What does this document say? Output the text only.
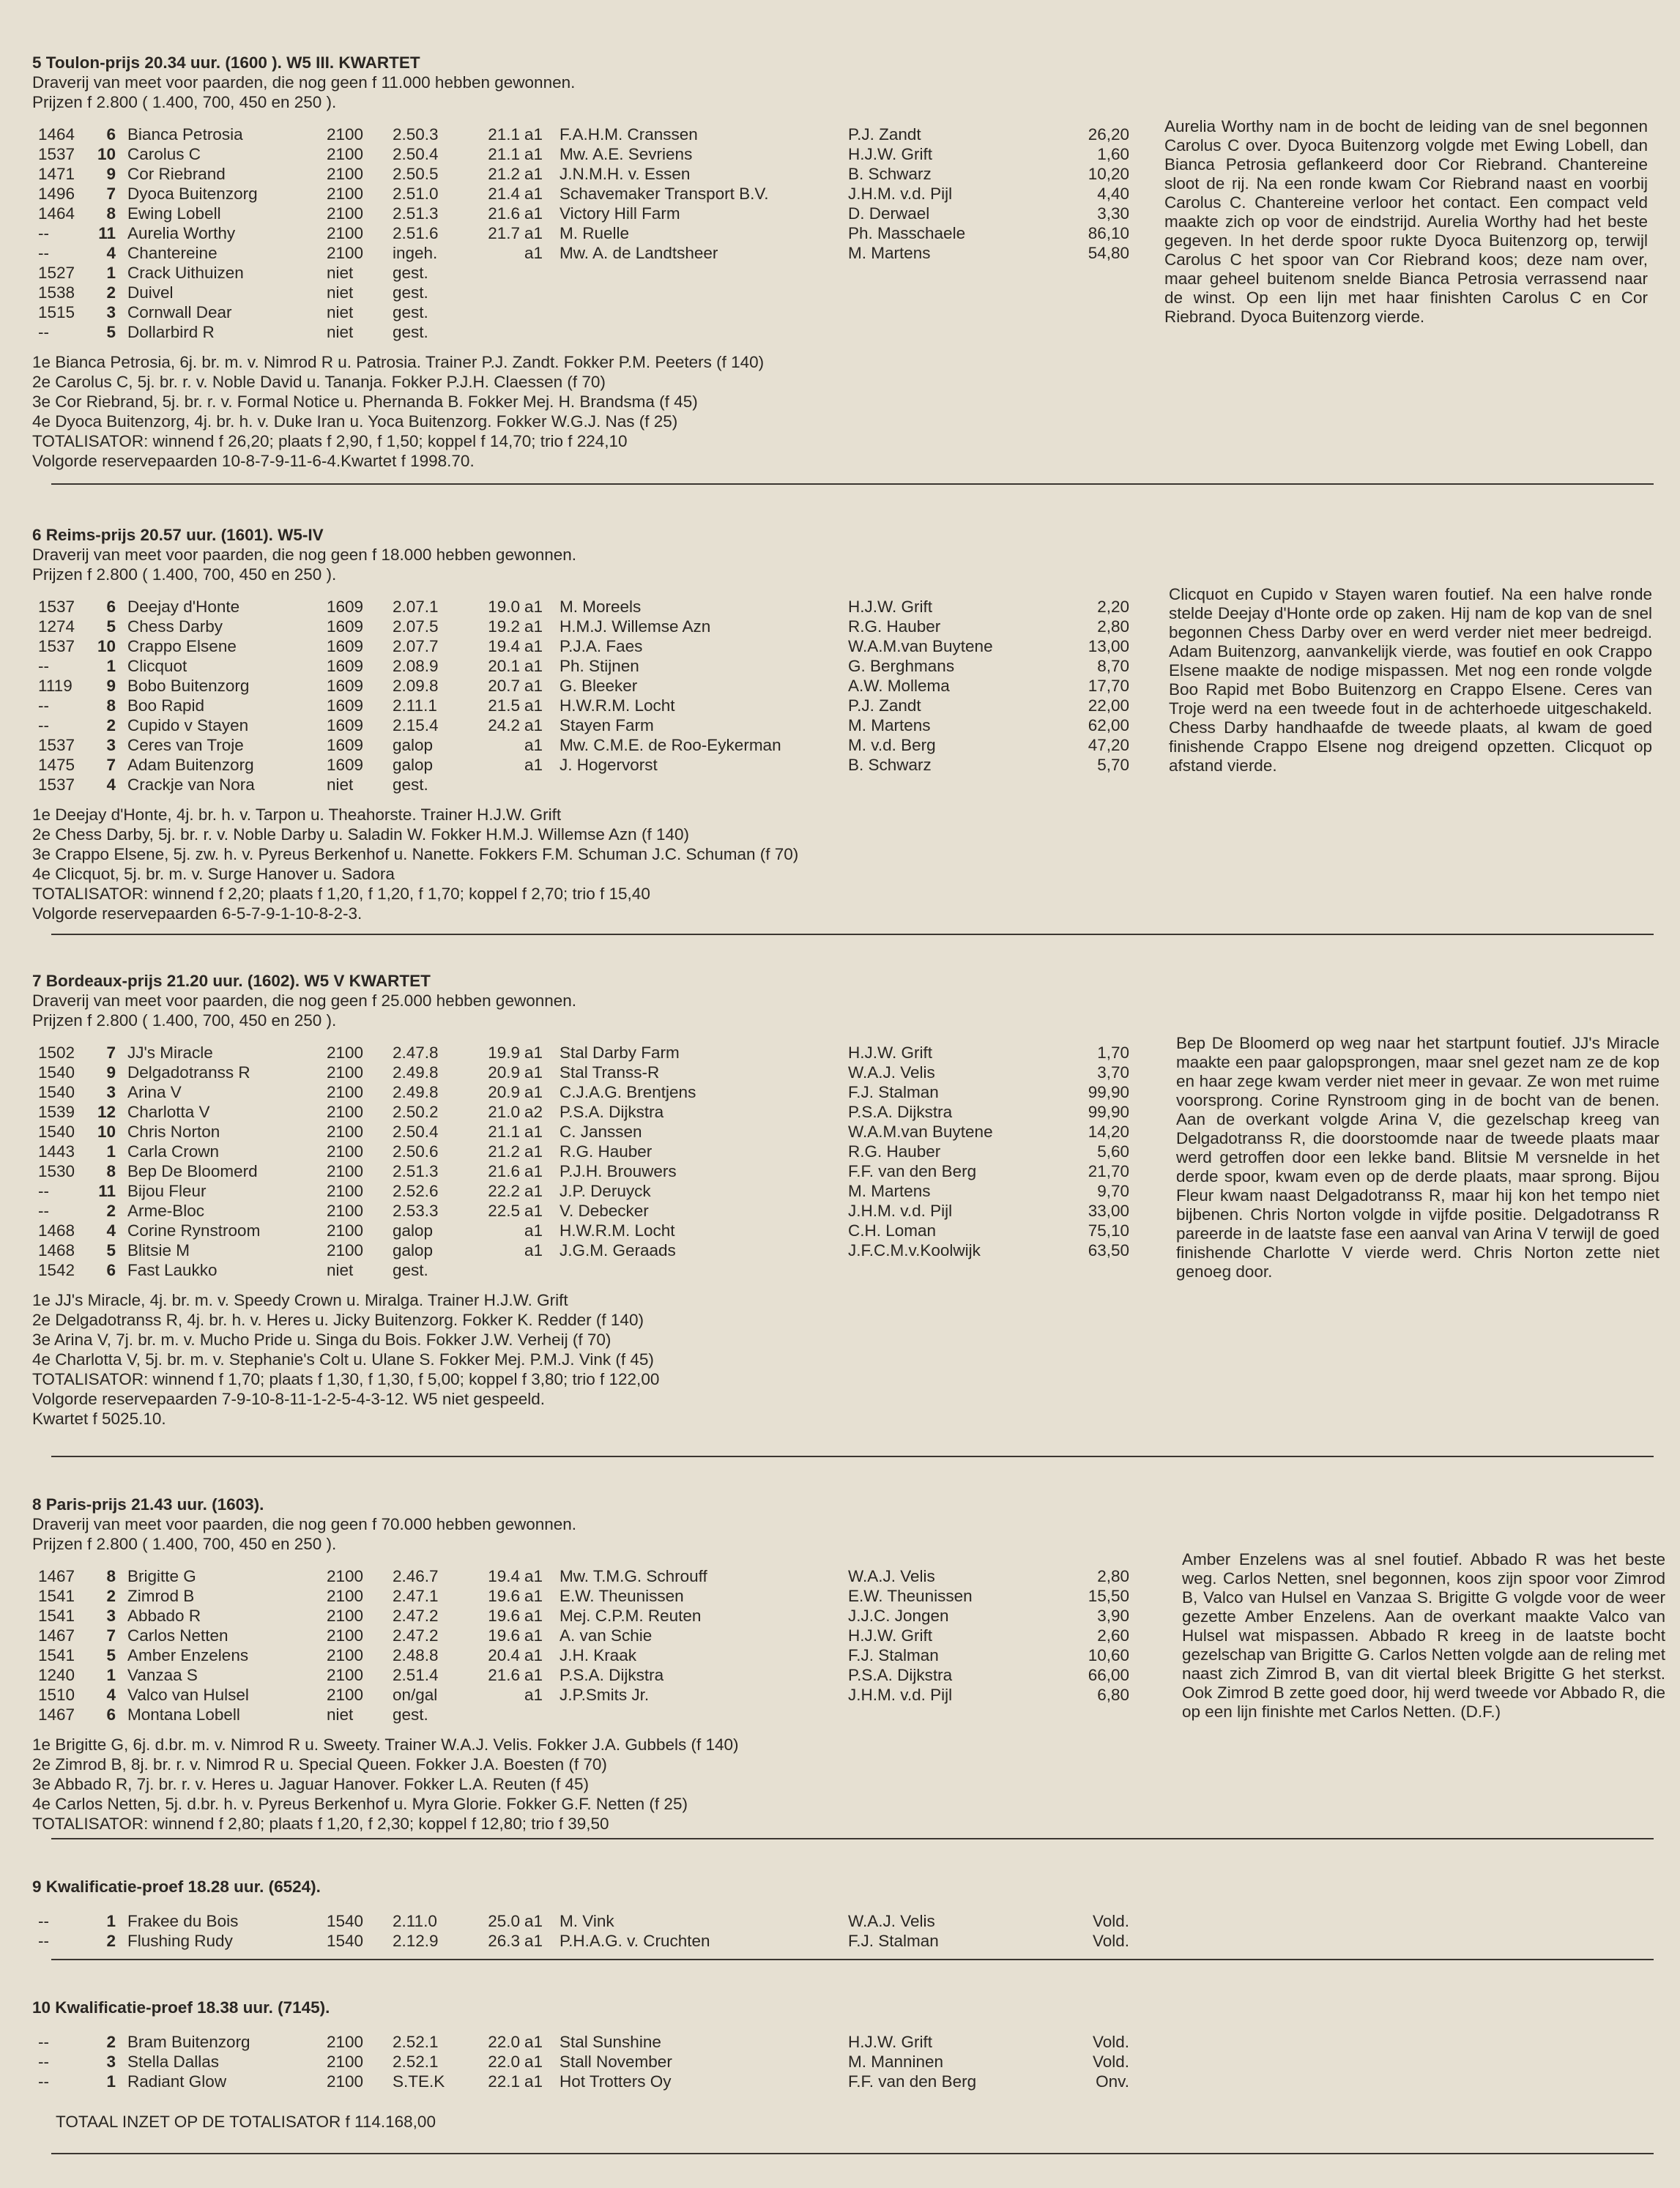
5 Toulon-prijs 20.34 uur. (1600 ). W5 III. KWARTET
Draverij van meet voor paarden, die nog geen f 11.000 hebben gewonnen.
Prijzen f 2.800 ( 1.400, 700, 450 en 250 ).
1464	6 Bianca Petrosia	2100 2.50.3	21.1 a1 F.A.H.M. Cranssen	P.J. Zandt	26,20
1537	10 Carolus C	2100 2.50.4	21.1 a1 Mw. A.E. Sevriens	H.J.W. Grift	1,60
1471	9 Cor Riebrand	2100 2.50.5	21.2 a1 J.N.M.H. v. Essen	B. Schwarz	10,20
1496	7 Dyoca Buitenzorg	2100 2.51.0	21.4 a1 Schavemaker Transport B.V.	J.H.M. v.d. Pijl	4,40
1464	8 Ewing Lobell	2100 2.51.3	21.6 a1 Victory Hill Farm	D. Derwael	3,30
--	11 Aurelia Worthy	2100 2.51.6	21.7 a1 M. Ruelle	Ph. Masschaele	86,10
--	4 Chantereine	2100 ingeh.	a1 Mw. A. de Landtsheer	M. Martens	54,80
1527	1 Crack Uithuizen	niet gest.
1538	2 Duivel	niet gest.
1515	3 Cornwall Dear	niet gest.
--	5 Dollarbird R	niet gest.
1e Bianca Petrosia, 6j. br. m. v. Nimrod R u. Patrosia. Trainer P.J. Zandt. Fokker P.M. Peeters (f 140)
2e Carolus C, 5j. br. r. v. Noble David u. Tananja. Fokker P.J.H. Claessen (f 70)
3e Cor Riebrand, 5j. br. r. v. Formal Notice u. Phernanda B. Fokker Mej. H. Brandsma (f 45)
4e Dyoca Buitenzorg, 4j. br. h. v. Duke Iran u. Yoca Buitenzorg. Fokker W.G.J. Nas (f 25)
TOTALISATOR: winnend f 26,20; plaats f 2,90, f 1,50; koppel f 14,70; trio f 224,10
Volgorde reservepaarden 10-8-7-9-11-6-4.Kwartet f 1998.70.

Aurelia Worthy nam in de bocht de leiding van de snel begonnen Carolus C over. Dyoca Buitenzorg volgde met Ewing Lobell, dan Bianca Petrosia geflankeerd door Cor Riebrand. Chantereine sloot de rij. Na een ronde kwam Cor Riebrand naast en voorbij Carolus C. Chantereine verloor het contact. Een compact veld maakte zich op voor de eindstrijd. Aurelia Worthy had het beste gegeven. In het derde spoor rukte Dyoca Buitenzorg op, terwijl Carolus C het spoor van Cor Riebrand koos; deze nam over, maar geheel buitenom snelde Bianca Petrosia verrassend naar de winst. Op een lijn met haar finishten Carolus C en Cor Riebrand. Dyoca Buitenzorg vierde.

6 Reims-prijs 20.57 uur. (1601). W5-IV
Draverij van meet voor paarden, die nog geen f 18.000 hebben gewonnen.
Prijzen f 2.800 ( 1.400, 700, 450 en 250 ).
1537	6 Deejay d'Honte	1609 2.07.1	19.0 a1 M. Moreels	H.J.W. Grift	2,20
1274	5 Chess Darby	1609 2.07.5	19.2 a1 H.M.J. Willemse Azn	R.G. Hauber	2,80
1537	10 Crappo Elsene	1609 2.07.7	19.4 a1 P.J.A. Faes	W.A.M.van Buytene	13,00
--	1 Clicquot	1609 2.08.9	20.1 a1 Ph. Stijnen	G. Berghmans	8,70
1119	9 Bobo Buitenzorg	1609 2.09.8	20.7 a1 G. Bleeker	A.W. Mollema	17,70
--	8 Boo Rapid	1609 2.11.1	21.5 a1 H.W.R.M. Locht	P.J. Zandt	22,00
--	2 Cupido v Stayen	1609 2.15.4	24.2 a1 Stayen Farm	M. Martens	62,00
1537	3 Ceres van Troje	1609 galop	a1 Mw. C.M.E. de Roo-Eykerman	M. v.d. Berg	47,20
1475	7 Adam Buitenzorg	1609 galop	a1 J. Hogervorst	B. Schwarz	5,70
1537	4 Crackje van Nora	niet gest.
1e Deejay d'Honte, 4j. br. h. v. Tarpon u. Theahorste. Trainer H.J.W. Grift
2e Chess Darby, 5j. br. r. v. Noble Darby u. Saladin W. Fokker H.M.J. Willemse Azn (f 140)
3e Crappo Elsene, 5j. zw. h. v. Pyreus Berkenhof u. Nanette. Fokkers F.M. Schuman J.C. Schuman (f 70)
4e Clicquot, 5j. br. m. v. Surge Hanover u. Sadora
TOTALISATOR: winnend f 2,20; plaats f 1,20, f 1,20, f 1,70; koppel f 2,70; trio f 15,40
Volgorde reservepaarden 6-5-7-9-1-10-8-2-3.

Clicquot en Cupido v Stayen waren foutief. Na een halve ronde stelde Deejay d'Honte orde op zaken. Hij nam de kop van de snel begonnen Chess Darby over en werd verder niet meer bedreigd. Adam Buitenzorg, aanvankelijk vierde, was foutief en ook Crappo Elsene maakte de nodige mispassen. Met nog een ronde volgde Boo Rapid met Bobo Buitenzorg en Crappo Elsene. Ceres van Troje werd na een tweede fout in de achterhoede uitgeschakeld. Chess Darby handhaafde de tweede plaats, al kwam de goed finishende Crappo Elsene nog dreigend opzetten. Clicquot op afstand vierde.

7 Bordeaux-prijs 21.20 uur. (1602). W5 V KWARTET
Draverij van meet voor paarden, die nog geen f 25.000 hebben gewonnen.
Prijzen f 2.800 ( 1.400, 700, 450 en 250 ).
1502	7 JJ's Miracle	2100 2.47.8	19.9 a1 Stal Darby Farm	H.J.W. Grift	1,70
1540	9 Delgadotranss R	2100 2.49.8	20.9 a1 Stal Transs-R	W.A.J. Velis	3,70
1540	3 Arina V	2100 2.49.8	20.9 a1 C.J.A.G. Brentjens	F.J. Stalman	99,90
1539	12 Charlotta V	2100 2.50.2	21.0 a2 P.S.A. Dijkstra	P.S.A. Dijkstra	99,90
1540	10 Chris Norton	2100 2.50.4	21.1 a1 C. Janssen	W.A.M.van Buytene	14,20
1443	1 Carla Crown	2100 2.50.6	21.2 a1 R.G. Hauber	R.G. Hauber	5,60
1530	8 Bep De Bloomerd	2100 2.51.3	21.6 a1 P.J.H. Brouwers	F.F. van den Berg	21,70
--	11 Bijou Fleur	2100 2.52.6	22.2 a1 J.P. Deruyck	M. Martens	9,70
--	2 Arme-Bloc	2100 2.53.3	22.5 a1 V. Debecker	J.H.M. v.d. Pijl	33,00
1468	4 Corine Rynstroom	2100 galop	a1 H.W.R.M. Locht	C.H. Loman	75,10
1468	5 Blitsie M	2100 galop	a1 J.G.M. Geraads	J.F.C.M.v.Koolwijk	63,50
1542	6 Fast Laukko	niet gest.
1e JJ's Miracle, 4j. br. m. v. Speedy Crown u. Miralga. Trainer H.J.W. Grift
2e Delgadotranss R, 4j. br. h. v. Heres u. Jicky Buitenzorg. Fokker K. Redder (f 140)
3e Arina V, 7j. br. m. v. Mucho Pride u. Singa du Bois. Fokker J.W. Verheij (f 70)
4e Charlotta V, 5j. br. m. v. Stephanie's Colt u. Ulane S. Fokker Mej. P.M.J. Vink (f 45)
TOTALISATOR: winnend f 1,70; plaats f 1,30, f 1,30, f 5,00; koppel f 3,80; trio f 122,00
Volgorde reservepaarden 7-9-10-8-11-1-2-5-4-3-12. W5 niet gespeeld.
Kwartet f 5025.10.

Bep De Bloomerd op weg naar het startpunt foutief. JJ's Miracle maakte een paar galopsprongen, maar snel gezet nam ze de kop en haar zege kwam verder niet meer in gevaar. Ze won met ruime voorsprong. Corine Rynstroom ging in de bocht van de benen. Aan de overkant volgde Arina V, die gezelschap kreeg van Delgadotranss R, die doorstoomde naar de tweede plaats maar werd getroffen door een lekke band. Blitsie M versnelde in het derde spoor, kwam even op de derde plaats, maar sprong. Bijou Fleur kwam naast Delgadotranss R, maar hij kon het tempo niet bijbenen. Chris Norton volgde in vijfde positie. Delgadotranss R pareerde in de laatste fase een aanval van Arina V terwijl de goed finishende Charlotte V vierde werd. Chris Norton zette niet genoeg door.

8 Paris-prijs 21.43 uur. (1603).
Draverij van meet voor paarden, die nog geen f 70.000 hebben gewonnen.
Prijzen f 2.800 ( 1.400, 700, 450 en 250 ).
1467	8 Brigitte G	2100 2.46.7	19.4 a1 Mw. T.M.G. Schrouff	W.A.J. Velis	2,80
1541	2 Zimrod B	2100 2.47.1	19.6 a1 E.W. Theunissen	E.W. Theunissen	15,50
1541	3 Abbado R	2100 2.47.2	19.6 a1 Mej. C.P.M. Reuten	J.J.C. Jongen	3,90
1467	7 Carlos Netten	2100 2.47.2	19.6 a1 A. van Schie	H.J.W. Grift	2,60
1541	5 Amber Enzelens	2100 2.48.8	20.4 a1 J.H. Kraak	F.J. Stalman	10,60
1240	1 Vanzaa S	2100 2.51.4	21.6 a1 P.S.A. Dijkstra	P.S.A. Dijkstra	66,00
1510	4 Valco van Hulsel	2100 on/gal	a1 J.P.Smits Jr.	J.H.M. v.d. Pijl	6,80
1467	6 Montana Lobell	niet gest.
1e Brigitte G, 6j. d.br. m. v. Nimrod R u. Sweety. Trainer W.A.J. Velis. Fokker J.A. Gubbels (f 140)
2e Zimrod B, 8j. br. r. v. Nimrod R u. Special Queen. Fokker J.A. Boesten (f 70)
3e Abbado R, 7j. br. r. v. Heres u. Jaguar Hanover. Fokker L.A. Reuten (f 45)
4e Carlos Netten, 5j. d.br. h. v. Pyreus Berkenhof u. Myra Glorie. Fokker G.F. Netten (f 25)
TOTALISATOR: winnend f 2,80; plaats f 1,20, f 2,30; koppel f 12,80; trio f 39,50

Amber Enzelens was al snel foutief. Abbado R was het beste weg. Carlos Netten, snel begonnen, koos zijn spoor voor Zimrod B, Valco van Hulsel en Vanzaa S. Brigitte G volgde voor de weer gezette Amber Enzelens. Aan de overkant maakte Valco van Hulsel wat mispassen. Abbado R kreeg in de laatste bocht gezelschap van Brigitte G. Carlos Netten volgde aan de reling met naast zich Zimrod B, van dit viertal bleek Brigitte G het sterkst. Ook Zimrod B zette goed door, hij werd tweede vor Abbado R, die op een lijn finishte met Carlos Netten. (D.F.)

9 Kwalificatie-proef 18.28 uur. (6524).
--	1 Frakee du Bois	1540 2.11.0	25.0 a1 M. Vink	W.A.J. Velis	Vold.
--	2 Flushing Rudy	1540 2.12.9	26.3 a1 P.H.A.G. v. Cruchten	F.J. Stalman	Vold.
10 Kwalificatie-proef 18.38 uur. (7145).
--	2 Bram Buitenzorg	2100 2.52.1	22.0 a1 Stal Sunshine	H.J.W. Grift	Vold.
--	3 Stella Dallas	2100 2.52.1	22.0 a1 Stall November	M. Manninen	Vold.
--	1 Radiant Glow	2100 S.TE.K	22.1 a1 Hot Trotters Oy	F.F. van den Berg	Onv.
TOTAAL INZET OP DE TOTALISATOR f 114.168,00
